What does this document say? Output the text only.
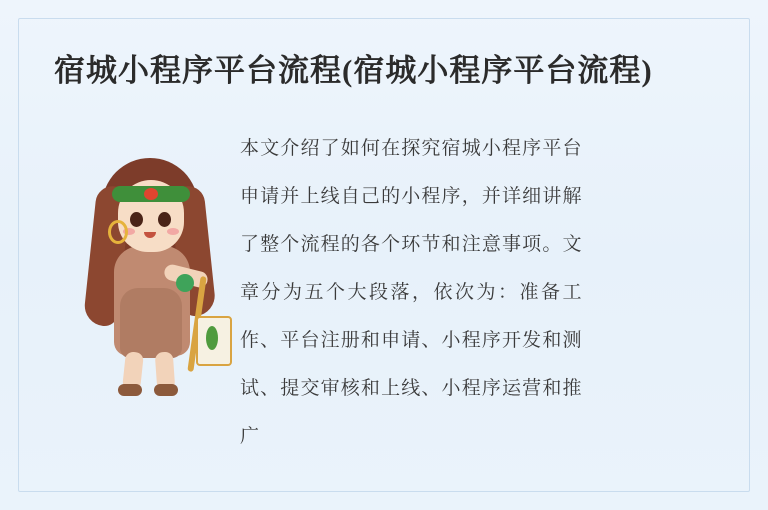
宿城小程序平台流程(宿城小程序平台流程)

本文介绍了如何在探究宿城小程序平台申请并上线自己的小程序，并详细讲解了整个流程的各个环节和注意事项。文章分为五个大段落，依次为：准备工作、平台注册和申请、小程序开发和测试、提交审核和上线、小程序运营和推广
